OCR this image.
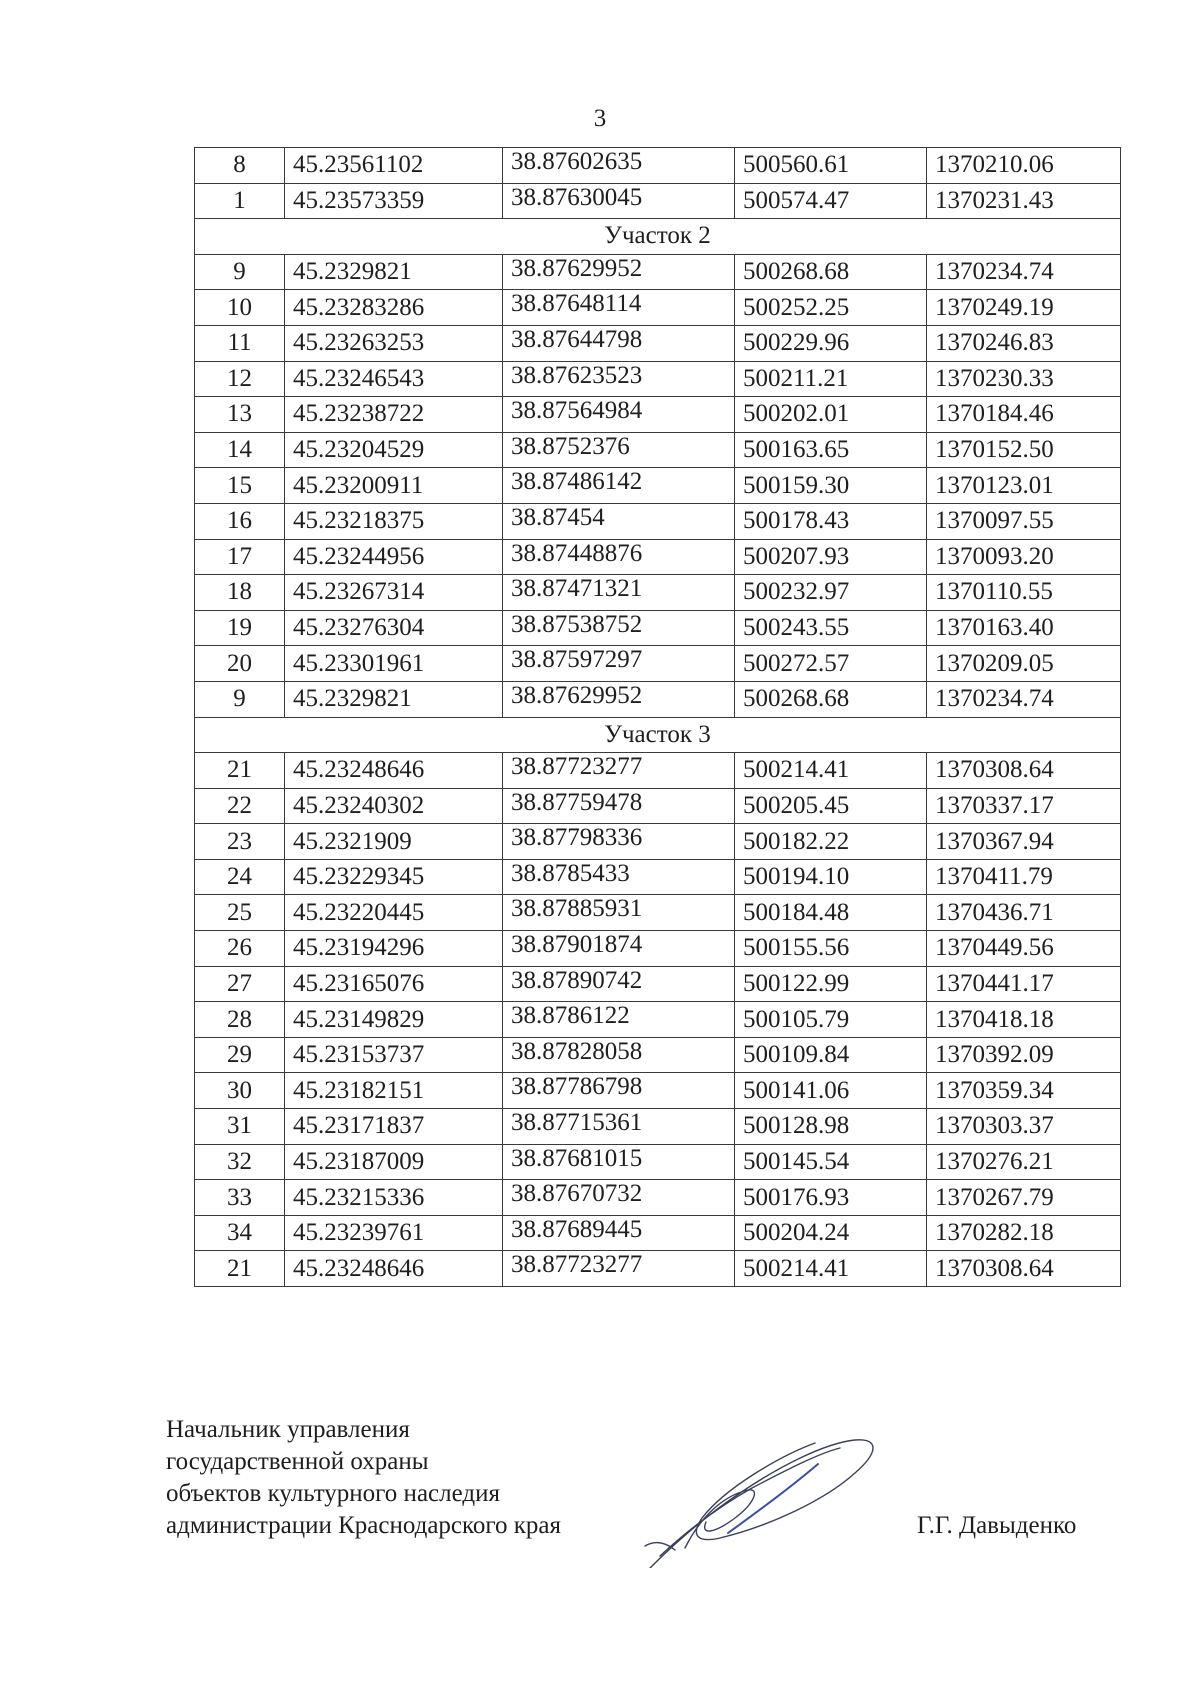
3
8	45.23561102	38.87602635	500560.61	1370210.06
1	45.23573359	38.87630045	500574.47	1370231.43
Участок 2				
9	45.2329821	38.87629952	500268.68	1370234.74
10	45.23283286	38.87648114	500252.25	1370249.19
11	45.23263253	38.87644798	500229.96	1370246.83
12	45.23246543	38.87623523	500211.21	1370230.33
13	45.23238722	38.87564984	500202.01	1370184.46
14	45.23204529	38.8752376	500163.65	1370152.50
15	45.23200911	38.87486142	500159.30	1370123.01
16	45.23218375	38.87454	500178.43	1370097.55
17	45.23244956	38.87448876	500207.93	1370093.20
18	45.23267314	38.87471321	500232.97	1370110.55
19	45.23276304	38.87538752	500243.55	1370163.40
20	45.23301961	38.87597297	500272.57	1370209.05
9	45.2329821	38.87629952	500268.68	1370234.74
Участок 3				
21	45.23248646	38.87723277	500214.41	1370308.64
22	45.23240302	38.87759478	500205.45	1370337.17
23	45.2321909	38.87798336	500182.22	1370367.94
24	45.23229345	38.8785433	500194.10	1370411.79
25	45.23220445	38.87885931	500184.48	1370436.71
26	45.23194296	38.87901874	500155.56	1370449.56
27	45.23165076	38.87890742	500122.99	1370441.17
28	45.23149829	38.8786122	500105.79	1370418.18
29	45.23153737	38.87828058	500109.84	1370392.09
30	45.23182151	38.87786798	500141.06	1370359.34
31	45.23171837	38.87715361	500128.98	1370303.37
32	45.23187009	38.87681015	500145.54	1370276.21
33	45.23215336	38.87670732	500176.93	1370267.79
34	45.23239761	38.87689445	500204.24	1370282.18
21	45.23248646	38.87723277	500214.41	1370308.64
Начальник управления
государственной охраны
объектов культурного наследия
администрации Краснодарского края	Г.Г. Давыденко
